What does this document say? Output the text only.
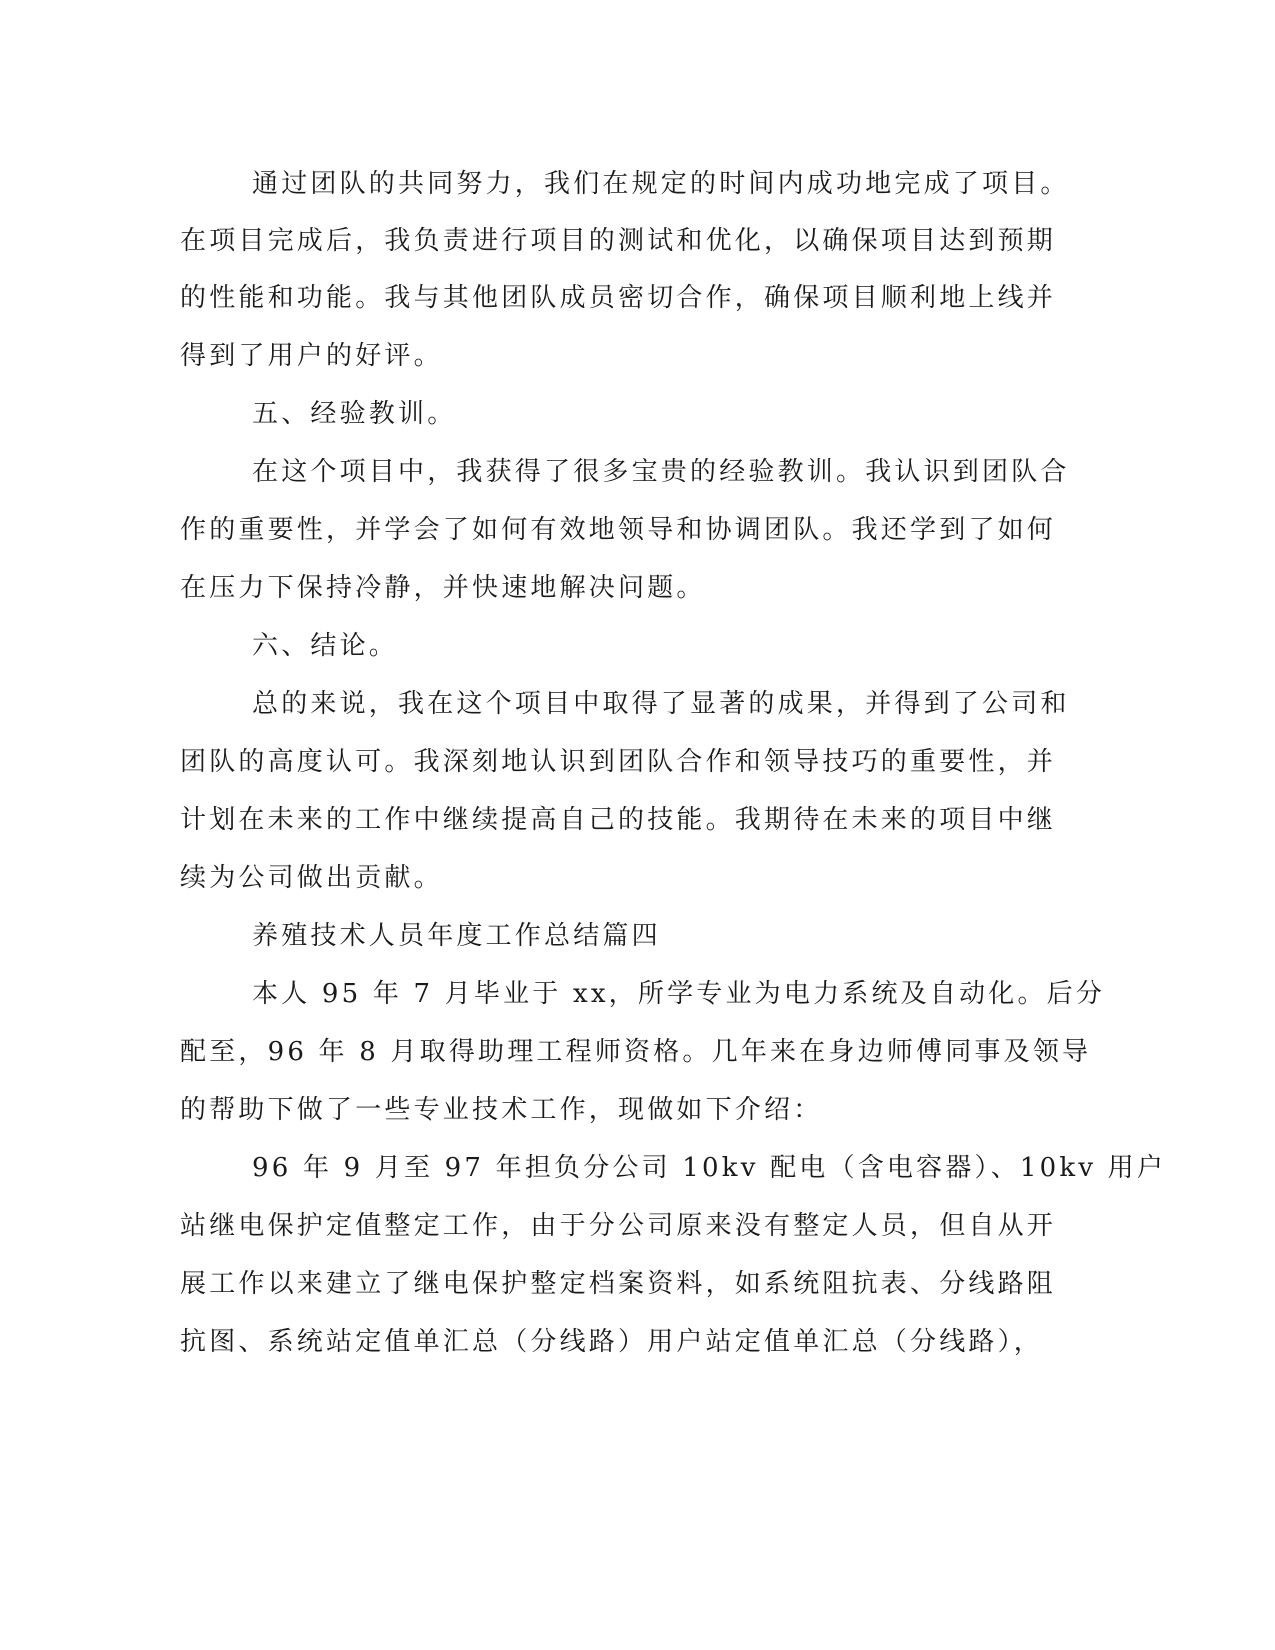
通过团队的共同努力，我们在规定的时间内成功地完成了项目。
在项目完成后，我负责进行项目的测试和优化，以确保项目达到预期
的性能和功能。我与其他团队成员密切合作，确保项目顺利地上线并
得到了用户的好评。
五、经验教训。
在这个项目中，我获得了很多宝贵的经验教训。我认识到团队合
作的重要性，并学会了如何有效地领导和协调团队。我还学到了如何
在压力下保持冷静，并快速地解决问题。
六、结论。
总的来说，我在这个项目中取得了显著的成果，并得到了公司和
团队的高度认可。我深刻地认识到团队合作和领导技巧的重要性，并
计划在未来的工作中继续提高自己的技能。我期待在未来的项目中继
续为公司做出贡献。
养殖技术人员年度工作总结篇四
本人 95 年 7 月毕业于 xx，所学专业为电力系统及自动化。后分
配至，96 年 8 月取得助理工程师资格。几年来在身边师傅同事及领导
的帮助下做了一些专业技术工作，现做如下介绍：
96 年 9 月至 97 年担负分公司 10kv 配电（含电容器）、10kv 用户
站继电保护定值整定工作，由于分公司原来没有整定人员，但自从开
展工作以来建立了继电保护整定档案资料，如系统阻抗表、分线路阻
抗图、系统站定值单汇总（分线路）用户站定值单汇总（分线路），
